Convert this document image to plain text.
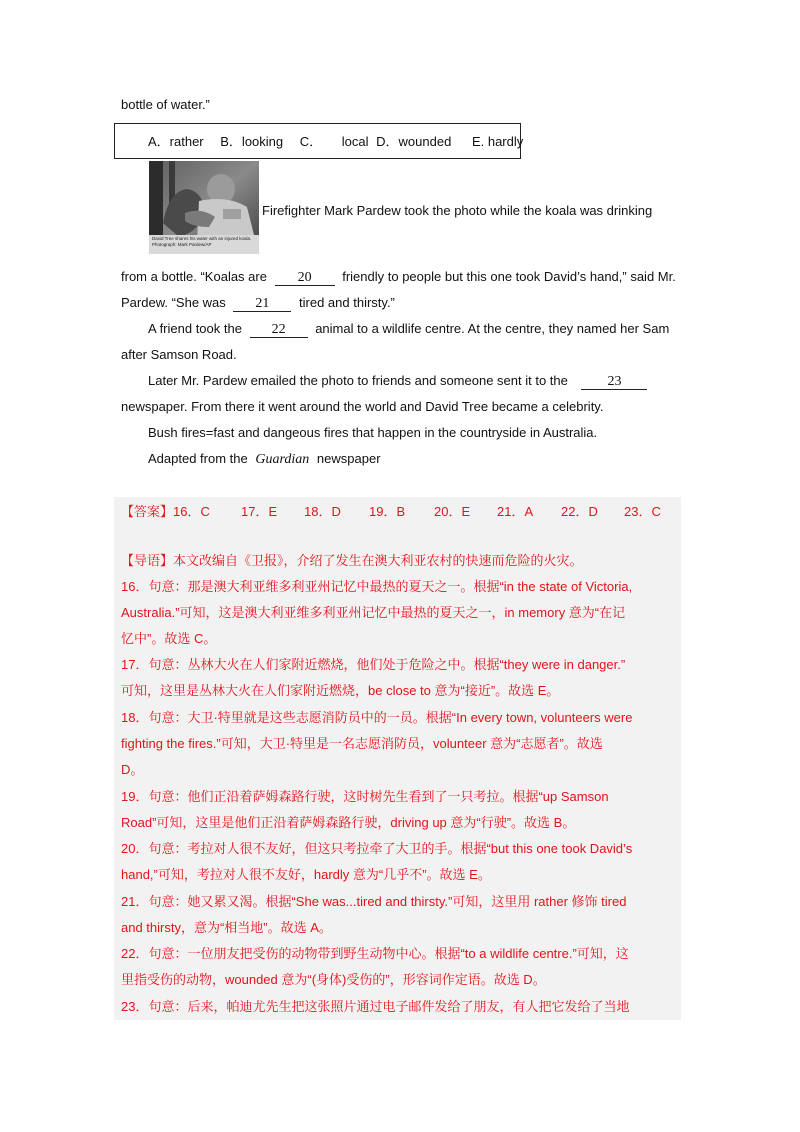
bottle of water.”
A．rather B．looking C． local D．wounded E. hardly
David Tree shares his water with an injured koala.
Photograph: Mark Pardew/AP
Firefighter Mark Pardew took the photo while the koala was drinking
from a bottle. “Koalas are 20 friendly to people but this one took David’s hand,” said Mr.
Pardew. “She was 21 tired and thirsty.”
A friend took the 22 animal to a wildlife centre. At the centre, they named her Sam
after Samson Road.
Later Mr. Pardew emailed the photo to friends and someone sent it to the	23
newspaper. From there it went around the world and David Tree became a celebrity.
Bush fires=fast and dangeous fires that happen in the countryside in Australia.
Adapted from the Guardian newspaper
【答案】16．C 17．E 18．D 19．B 20．E 21．A 22．D 23．C
【导语】本文改编自《卫报》，介绍了发生在澳大利亚农村的快速而危险的火灾。
16．句意：那是澳大利亚维多利亚州记忆中最热的夏天之一。根据“in the state of Victoria,
Australia.”可知，这是澳大利亚维多利亚州记忆中最热的夏天之一，in memory 意为“在记
忆中”。故选 C。
17．句意：丛林大火在人们家附近燃烧，他们处于危险之中。根据“they were in danger.”
可知，这里是丛林大火在人们家附近燃烧，be close to 意为“接近”。故选 E。
18．句意：大卫·特里就是这些志愿消防员中的一员。根据“In every town, volunteers were
fighting the fires.”可知，大卫·特里是一名志愿消防员，volunteer 意为“志愿者”。故选
D。
19．句意：他们正沿着萨姆森路行驶，这时树先生看到了一只考拉。根据“up Samson
Road”可知，这里是他们正沿着萨姆森路行驶，driving up 意为“行驶”。故选 B。
20．句意：考拉对人很不友好，但这只考拉牵了大卫的手。根据“but this one took David’s
hand,”可知，考拉对人很不友好，hardly 意为“几乎不”。故选 E。
21．句意：她又累又渴。根据“She was...tired and thirsty.”可知，这里用 rather 修饰 tired
and thirsty，意为“相当地”。故选 A。
22．句意：一位朋友把受伤的动物带到野生动物中心。根据“to a wildlife centre.”可知，这
里指受伤的动物，wounded 意为“(身体)受伤的”，形容词作定语。故选 D。
23．句意：后来，帕迪尤先生把这张照片通过电子邮件发给了朋友，有人把它发给了当地
